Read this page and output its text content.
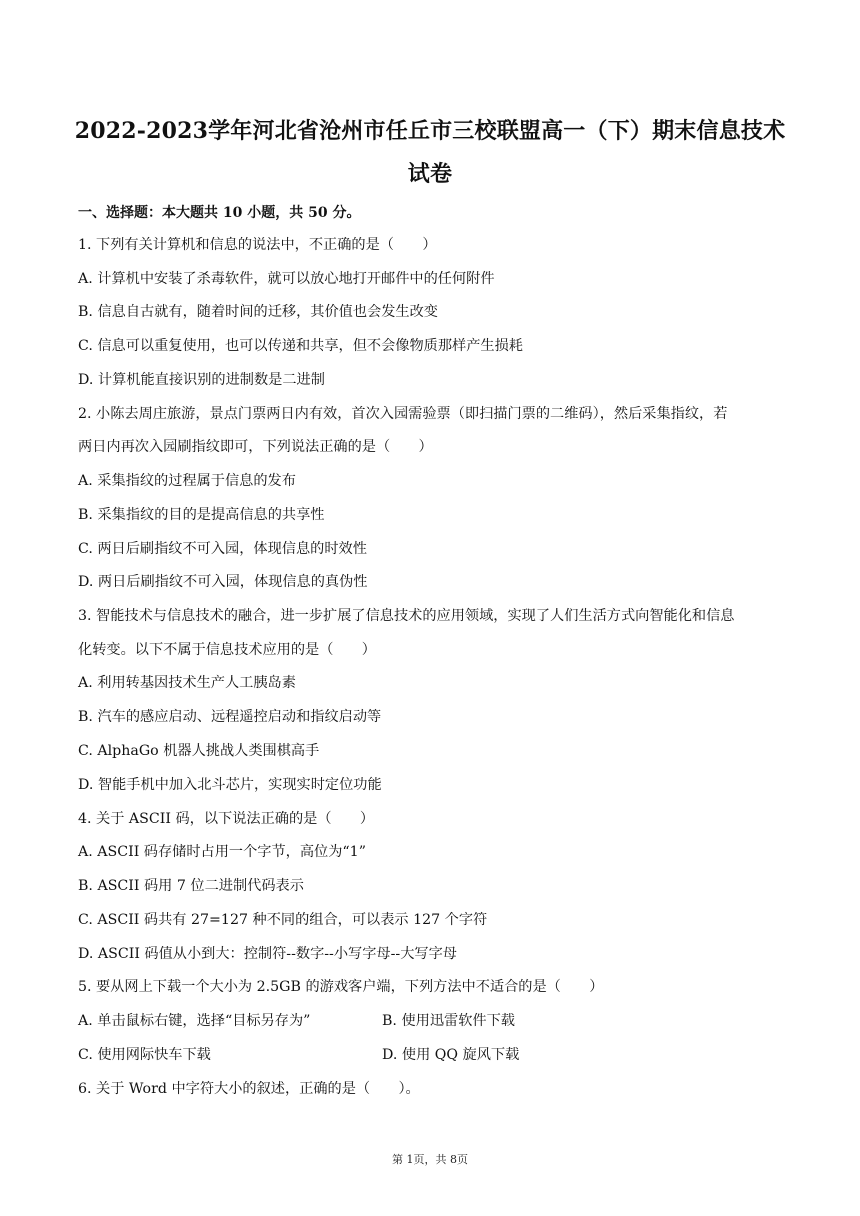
2022-2023学年河北省沧州市任丘市三校联盟高一（下）期末信息技术
试卷
一、选择题：本大题共 10 小题，共 50 分。
1. 下列有关计算机和信息的说法中，不正确的是（　　）
A. 计算机中安装了杀毒软件，就可以放心地打开邮件中的任何附件
B. 信息自古就有，随着时间的迁移，其价值也会发生改变
C. 信息可以重复使用，也可以传递和共享，但不会像物质那样产生损耗
D. 计算机能直接识别的进制数是二进制
2. 小陈去周庄旅游，景点门票两日内有效，首次入园需验票（即扫描门票的二维码），然后采集指纹，若
两日内再次入园刷指纹即可，下列说法正确的是（　　）
A. 采集指纹的过程属于信息的发布
B. 采集指纹的目的是提高信息的共享性
C. 两日后刷指纹不可入园，体现信息的时效性
D. 两日后刷指纹不可入园，体现信息的真伪性
3. 智能技术与信息技术的融合，进一步扩展了信息技术的应用领域，实现了人们生活方式向智能化和信息
化转变。以下不属于信息技术应用的是（　　）
A. 利用转基因技术生产人工胰岛素
B. 汽车的感应启动、远程遥控启动和指纹启动等
C. AlphaGo 机器人挑战人类围棋高手
D. 智能手机中加入北斗芯片，实现实时定位功能
4. 关于 ASCII 码，以下说法正确的是（　　）
A. ASCII 码存储时占用一个字节，高位为“1”
B. ASCII 码用 7 位二进制代码表示
C. ASCII 码共有 27=127 种不同的组合，可以表示 127 个字符
D. ASCII 码值从小到大：控制符--数字--小写字母--大写字母
5. 要从网上下载一个大小为 2.5GB 的游戏客户端，下列方法中不适合的是（　　）
A. 单击鼠标右键，选择“目标另存为”	B. 使用迅雷软件下载
C. 使用网际快车下载	D. 使用 QQ 旋风下载
6. 关于 Word 中字符大小的叙述，正确的是（　　）。
第 1页，共 8页
